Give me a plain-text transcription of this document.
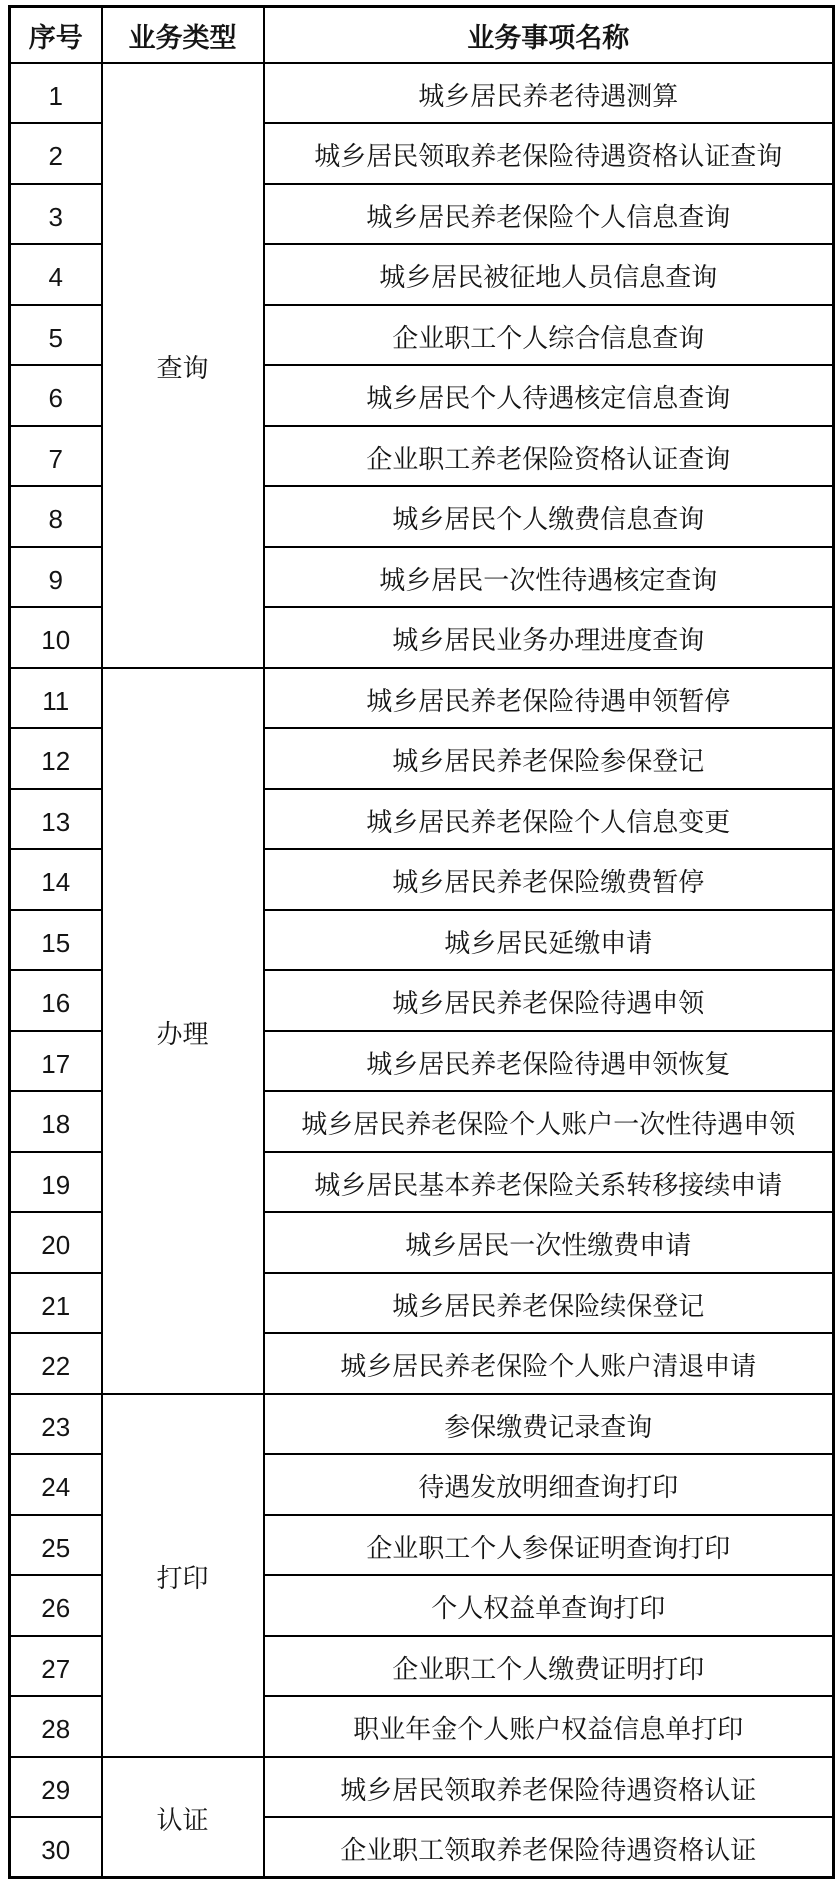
序号	业务类型	业务事项名称
1	查询	城乡居民养老待遇测算
2		城乡居民领取养老保险待遇资格认证查询
3		城乡居民养老保险个人信息查询
4		城乡居民被征地人员信息查询
5		企业职工个人综合信息查询
6		城乡居民个人待遇核定信息查询
7		企业职工养老保险资格认证查询
8		城乡居民个人缴费信息查询
9		城乡居民一次性待遇核定查询
10		城乡居民业务办理进度查询
11	办理	城乡居民养老保险待遇申领暂停
12		城乡居民养老保险参保登记
13		城乡居民养老保险个人信息变更
14		城乡居民养老保险缴费暂停
15		城乡居民延缴申请
16		城乡居民养老保险待遇申领
17		城乡居民养老保险待遇申领恢复
18		城乡居民养老保险个人账户一次性待遇申领
19		城乡居民基本养老保险关系转移接续申请
20		城乡居民一次性缴费申请
21		城乡居民养老保险续保登记
22		城乡居民养老保险个人账户清退申请
23	打印	参保缴费记录查询
24		待遇发放明细查询打印
25		企业职工个人参保证明查询打印
26		个人权益单查询打印
27		企业职工个人缴费证明打印
28		职业年金个人账户权益信息单打印
29	认证	城乡居民领取养老保险待遇资格认证
30		企业职工领取养老保险待遇资格认证
